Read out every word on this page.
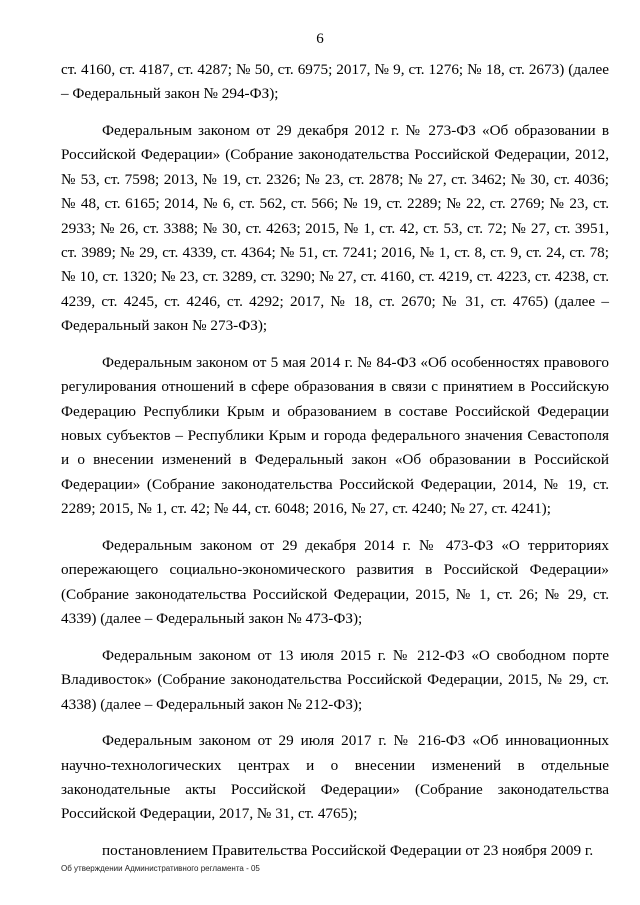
6

ст. 4160, ст. 4187, ст. 4287; № 50, ст. 6975; 2017, № 9, ст. 1276; № 18, ст. 2673) (далее – Федеральный закон № 294-ФЗ);

Федеральным законом от 29 декабря 2012 г. № 273-ФЗ «Об образовании в Российской Федерации» (Собрание законодательства Российской Федерации, 2012, № 53, ст. 7598; 2013, № 19, ст. 2326; № 23, ст. 2878; № 27, ст. 3462; № 30, ст. 4036; № 48, ст. 6165; 2014, № 6, ст. 562, ст. 566; № 19, ст. 2289; № 22, ст. 2769; № 23, ст. 2933; № 26, ст. 3388; № 30, ст. 4263; 2015, № 1, ст. 42, ст. 53, ст. 72; № 27, ст. 3951, ст. 3989; № 29, ст. 4339, ст. 4364; № 51, ст. 7241; 2016, № 1, ст. 8, ст. 9, ст. 24, ст. 78; № 10, ст. 1320; № 23, ст. 3289, ст. 3290; № 27, ст. 4160, ст. 4219, ст. 4223, ст. 4238, ст. 4239, ст. 4245, ст. 4246, ст. 4292; 2017, № 18, ст. 2670; № 31, ст. 4765) (далее – Федеральный закон № 273-ФЗ);

Федеральным законом от 5 мая 2014 г. № 84-ФЗ «Об особенностях правового регулирования отношений в сфере образования в связи с принятием в Российскую Федерацию Республики Крым и образованием в составе Российской Федерации новых субъектов – Республики Крым и города федерального значения Севастополя и о внесении изменений в Федеральный закон «Об образовании в Российской Федерации» (Собрание законодательства Российской Федерации, 2014, № 19, ст. 2289; 2015, № 1, ст. 42; № 44, ст. 6048; 2016, № 27, ст. 4240; № 27, ст. 4241);

Федеральным законом от 29 декабря 2014 г. № 473-ФЗ «О территориях опережающего социально-экономического развития в Российской Федерации» (Собрание законодательства Российской Федерации, 2015, № 1, ст. 26; № 29, ст. 4339) (далее – Федеральный закон № 473-ФЗ);

Федеральным законом от 13 июля 2015 г. № 212-ФЗ «О свободном порте Владивосток» (Собрание законодательства Российской Федерации, 2015, № 29, ст. 4338) (далее – Федеральный закон № 212-ФЗ);

Федеральным законом от 29 июля 2017 г. № 216-ФЗ «Об инновационных научно-технологических центрах и о внесении изменений в отдельные законодательные акты Российской Федерации» (Собрание законодательства Российской Федерации, 2017, № 31, ст. 4765);

постановлением Правительства Российской Федерации от 23 ноября 2009 г.

Об утверждении Административного регламента - 05
